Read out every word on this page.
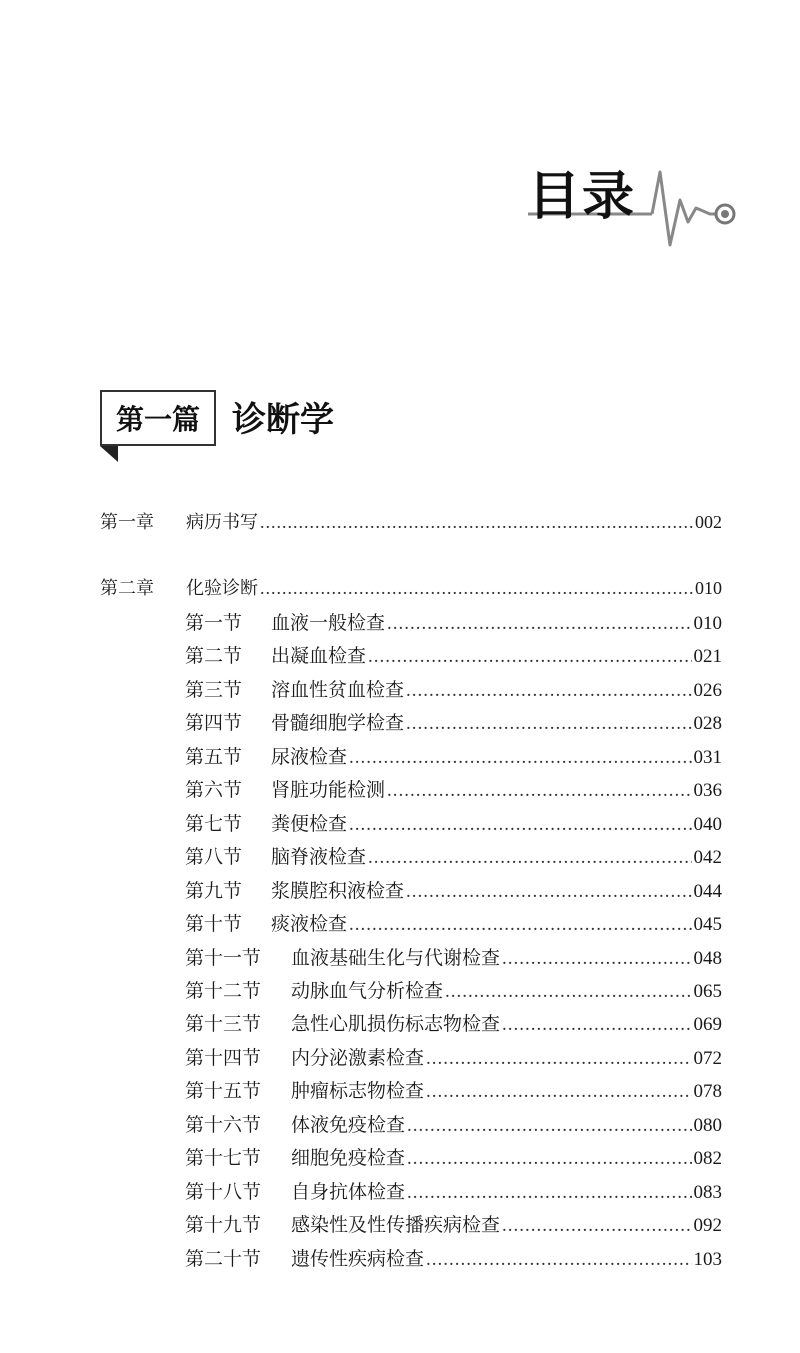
目录
第一篇 诊断学
第一章	病历书写 .....	002
第二章	化验诊断 .....	010
第一节	血液一般检查 .....	010
第二节	出凝血检查 .....	021
第三节	溶血性贫血检查 .....	026
第四节	骨髓细胞学检查 .....	028
第五节	尿液检查 .....	031
第六节	肾脏功能检测 .....	036
第七节	粪便检查 .....	040
第八节	脑脊液检查 .....	042
第九节	浆膜腔积液检查 .....	044
第十节	痰液检查 .....	045
第十一节	血液基础生化与代谢检查 .....	048
第十二节	动脉血气分析检查 .....	065
第十三节	急性心肌损伤标志物检查 .....	069
第十四节	内分泌激素检查 .....	072
第十五节	肿瘤标志物检查 .....	078
第十六节	体液免疫检查 .....	080
第十七节	细胞免疫检查 .....	082
第十八节	自身抗体检查 .....	083
第十九节	感染性及性传播疾病检查 .....	092
第二十节	遗传性疾病检查 .....	103
